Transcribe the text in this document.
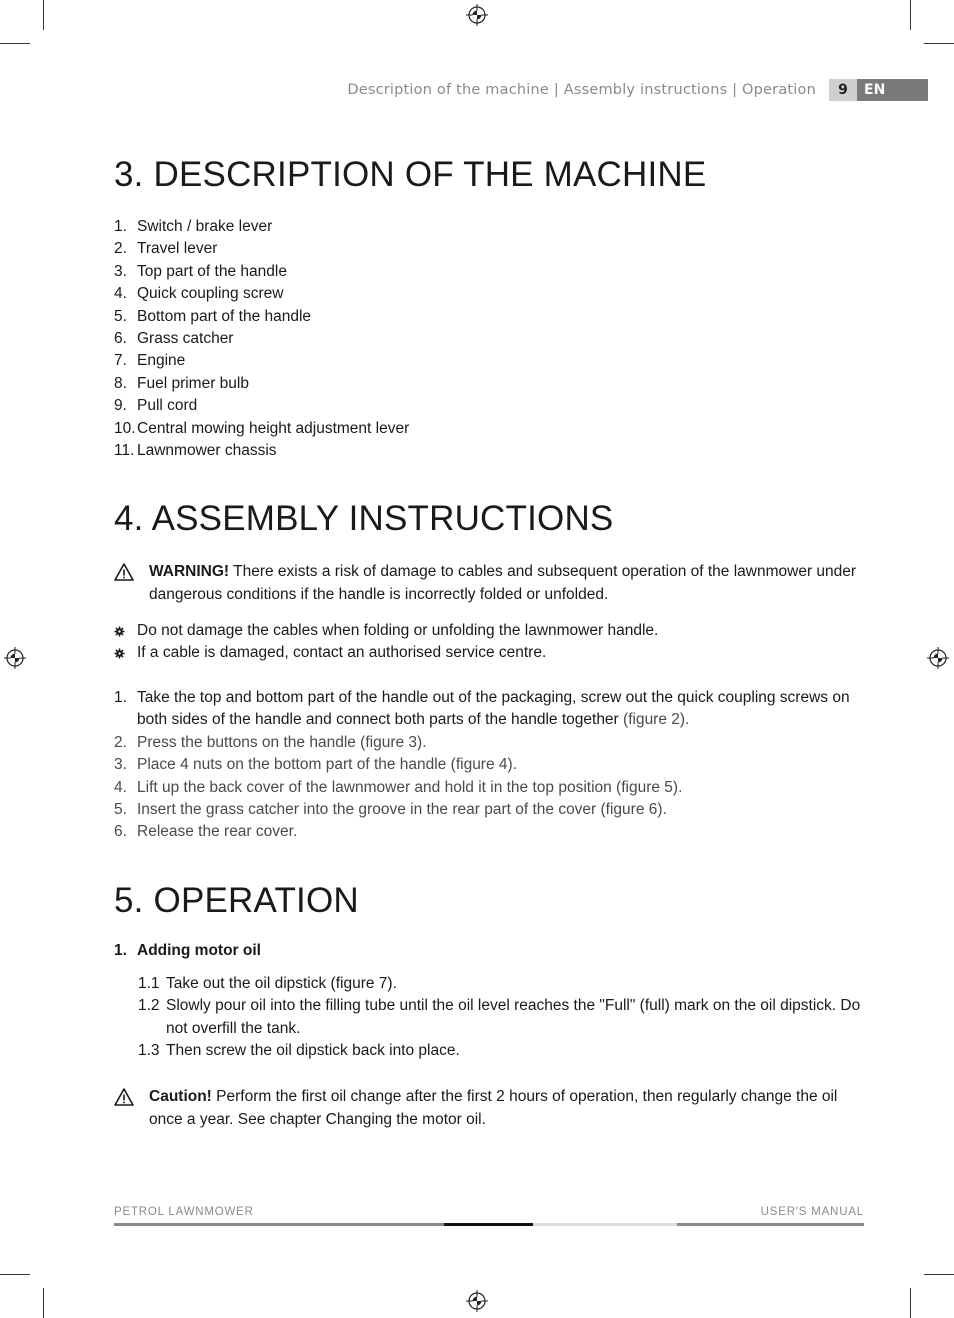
Description of the machine | Assembly instructions | Operation	9	EN
3. DESCRIPTION OF THE MACHINE
1. Switch / brake lever
2. Travel lever
3. Top part of the handle
4. Quick coupling screw
5. Bottom part of the handle
6. Grass catcher
7. Engine
8. Fuel primer bulb
9. Pull cord
10. Central mowing height adjustment lever
11. Lawnmower chassis
4. ASSEMBLY INSTRUCTIONS
WARNING! There exists a risk of damage to cables and subsequent operation of the lawnmower under dangerous conditions if the handle is incorrectly folded or unfolded.
Do not damage the cables when folding or unfolding the lawnmower handle.
If a cable is damaged, contact an authorised service centre.
1. Take the top and bottom part of the handle out of the packaging, screw out the quick coupling screws on both sides of the handle and connect both parts of the handle together (figure 2).
2. Press the buttons on the handle (figure 3).
3. Place 4 nuts on the bottom part of the handle (figure 4).
4. Lift up the back cover of the lawnmower and hold it in the top position (figure 5).
5. Insert the grass catcher into the groove in the rear part of the cover (figure 6).
6. Release the rear cover.
5. OPERATION
1. Adding motor oil
1.1 Take out the oil dipstick (figure 7).
1.2 Slowly pour oil into the filling tube until the oil level reaches the "Full" (full) mark on the oil dipstick. Do not overfill the tank.
1.3 Then screw the oil dipstick back into place.
Caution! Perform the first oil change after the first 2 hours of operation, then regularly change the oil once a year. See chapter Changing the motor oil.
PETROL LAWNMOWER	USER'S MANUAL
